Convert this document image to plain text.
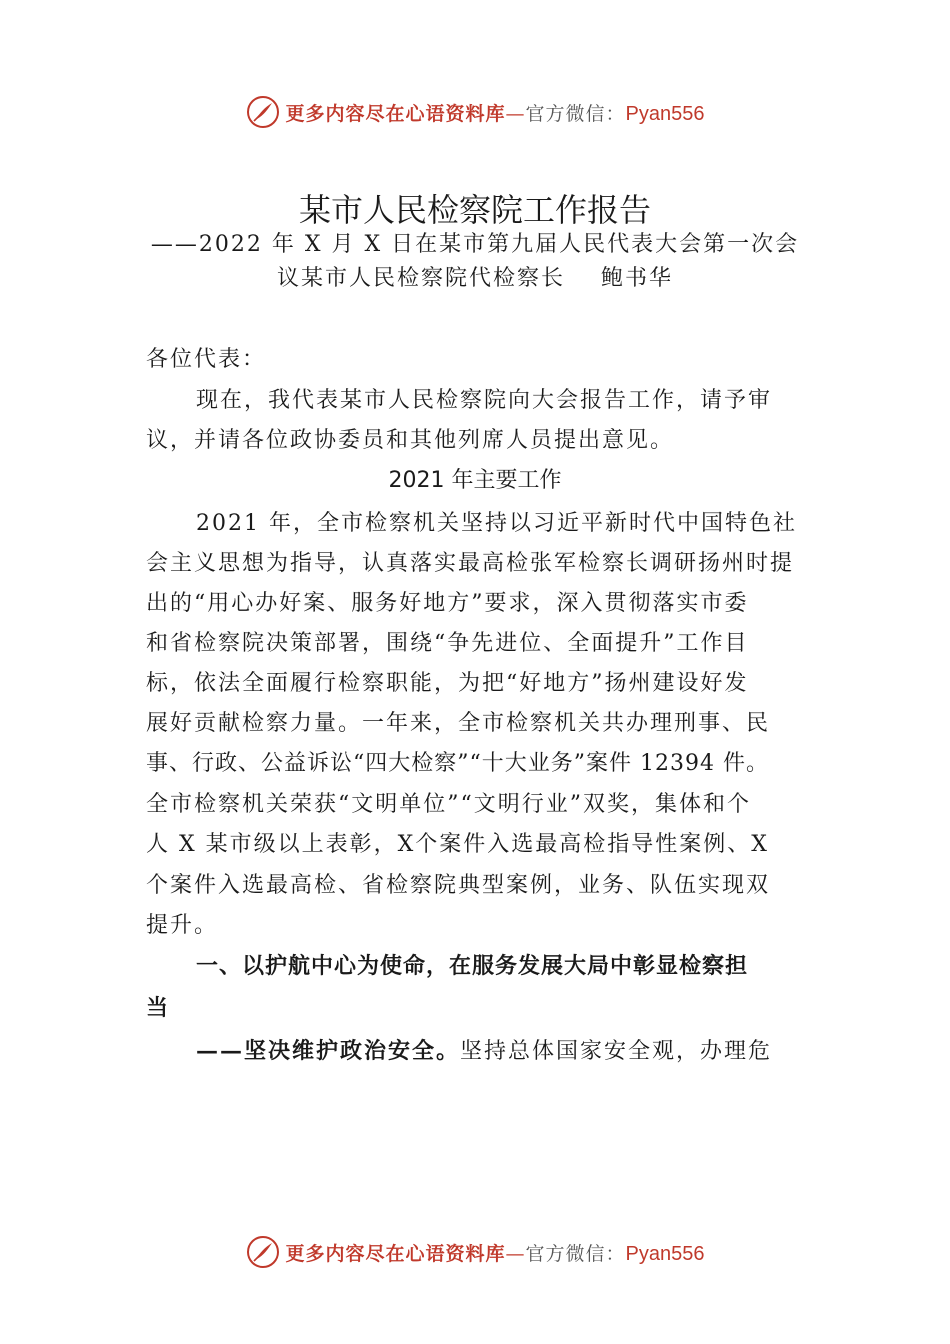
更多内容尽在心语资料库—官方微信：Pyan556
某市人民检察院工作报告
——2022 年 X 月 X 日在某市第九届人民代表大会第一次会
议某市人民检察院代检察长 鲍书华
各位代表：
现在，我代表某市人民检察院向大会报告工作，请予审
议，并请各位政协委员和其他列席人员提出意见。
2021 年主要工作
2021 年，全市检察机关坚持以习近平新时代中国特色社
会主义思想为指导，认真落实最高检张军检察长调研扬州时提
出的“用心办好案、服务好地方”要求，深入贯彻落实市委
和省检察院决策部署，围绕“争先进位、全面提升”工作目
标，依法全面履行检察职能，为把“好地方”扬州建设好发
展好贡献检察力量。一年来，全市检察机关共办理刑事、民
事、行政、公益诉讼“四大检察”“十大业务”案件 12394 件。
全市检察机关荣获“文明单位”“文明行业”双奖，集体和个
人 X 某市级以上表彰，X个案件入选最高检指导性案例、X
个案件入选最高检、省检察院典型案例，业务、队伍实现双
提升。
一、以护航中心为使命，在服务发展大局中彰显检察担
当
——坚决维护政治安全。坚持总体国家安全观，办理危
更多内容尽在心语资料库—官方微信：Pyan556
